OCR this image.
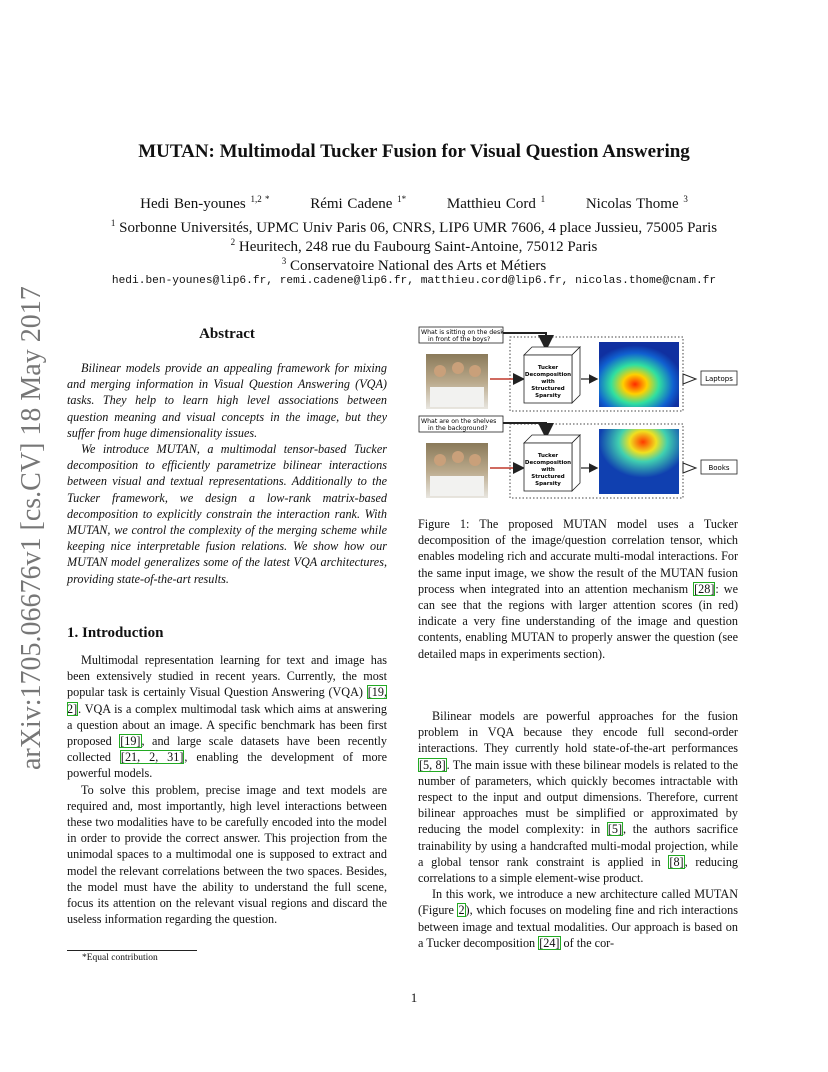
arXiv:1705.06676v1 [cs.CV] 18 May 2017
MUTAN: Multimodal Tucker Fusion for Visual Question Answering
Hedi Ben-younes $^{1,2 *}$	Rémi Cadene $^{1*}$	Matthieu Cord $^1$	Nicolas Thome $^3$
$^1$ Sorbonne Universités, UPMC Univ Paris 06, CNRS, LIP6 UMR 7606, 4 place Jussieu, 75005 Paris
$^2$ Heuritech, 248 rue du Faubourg Saint-Antoine, 75012 Paris
$^3$ Conservatoire National des Arts et Métiers
hedi.ben-younes@lip6.fr, remi.cadene@lip6.fr, matthieu.cord@lip6.fr, nicolas.thome@cnam.fr
Abstract

Bilinear models provide an appealing framework for mixing and merging information in Visual Question Answering (VQA) tasks. They help to learn high level associations between question meaning and visual concepts in the image, but they suffer from huge dimensionality issues.

We introduce MUTAN, a multimodal tensor-based Tucker decomposition to efficiently parametrize bilinear interactions between visual and textual representations. Additionally to the Tucker framework, we design a low-rank matrix-based decomposition to explicitly constrain the interaction rank. With MUTAN, we control the complexity of the merging scheme while keeping nice interpretable fusion relations. We show how our MUTAN model generalizes some of the latest VQA architectures, providing state-of-the-art results.

1. Introduction

Multimodal representation learning for text and image has been extensively studied in recent years. Currently, the most popular task is certainly Visual Question Answering (VQA) [19, 2]. VQA is a complex multimodal task which aims at answering a question about an image. A specific benchmark has been first proposed [19], and large scale datasets have been recently collected [21, 2, 31], enabling the development of more powerful models.

To solve this problem, precise image and text models are required and, most importantly, high level interactions between these two modalities have to be carefully encoded into the model in order to provide the correct answer. This projection from the unimodal spaces to a multimodal one is supposed to extract and model the relevant correlations between the two spaces. Besides, the model must have the ability to understand the full scene, focus its attention on the relevant visual regions and discard the useless information regarding the question.

*Equal contribution
What is sitting on the desk
in front of the boys?
What are on the shelves
in the background?
Tucker
Decomposition
with
Structured
Sparsity
Tucker
Decomposition
with
Structured
Sparsity
Laptops
Books

Figure 1: The proposed MUTAN model uses a Tucker decomposition of the image/question correlation tensor, which enables modeling rich and accurate multi-modal interactions. For the same input image, we show the result of the MUTAN fusion process when integrated into an attention mechanism [28]: we can see that the regions with larger attention scores (in red) indicate a very fine understanding of the image and question contents, enabling MUTAN to properly answer the question (see detailed maps in experiments section).

Bilinear models are powerful approaches for the fusion problem in VQA because they encode full second-order interactions. They currently hold state-of-the-art performances [5, 8]. The main issue with these bilinear models is related to the number of parameters, which quickly becomes intractable with respect to the input and output dimensions. Therefore, current bilinear approaches must be simplified or approximated by reducing the model complexity: in [5], the authors sacrifice trainability by using a handcrafted multi-modal projection, while a global tensor rank constraint is applied in [8], reducing correlations to a simple element-wise product.

In this work, we introduce a new architecture called MUTAN (Figure 2), which focuses on modeling fine and rich interactions between image and textual modalities. Our approach is based on a Tucker decomposition [24] of the cor-

1
